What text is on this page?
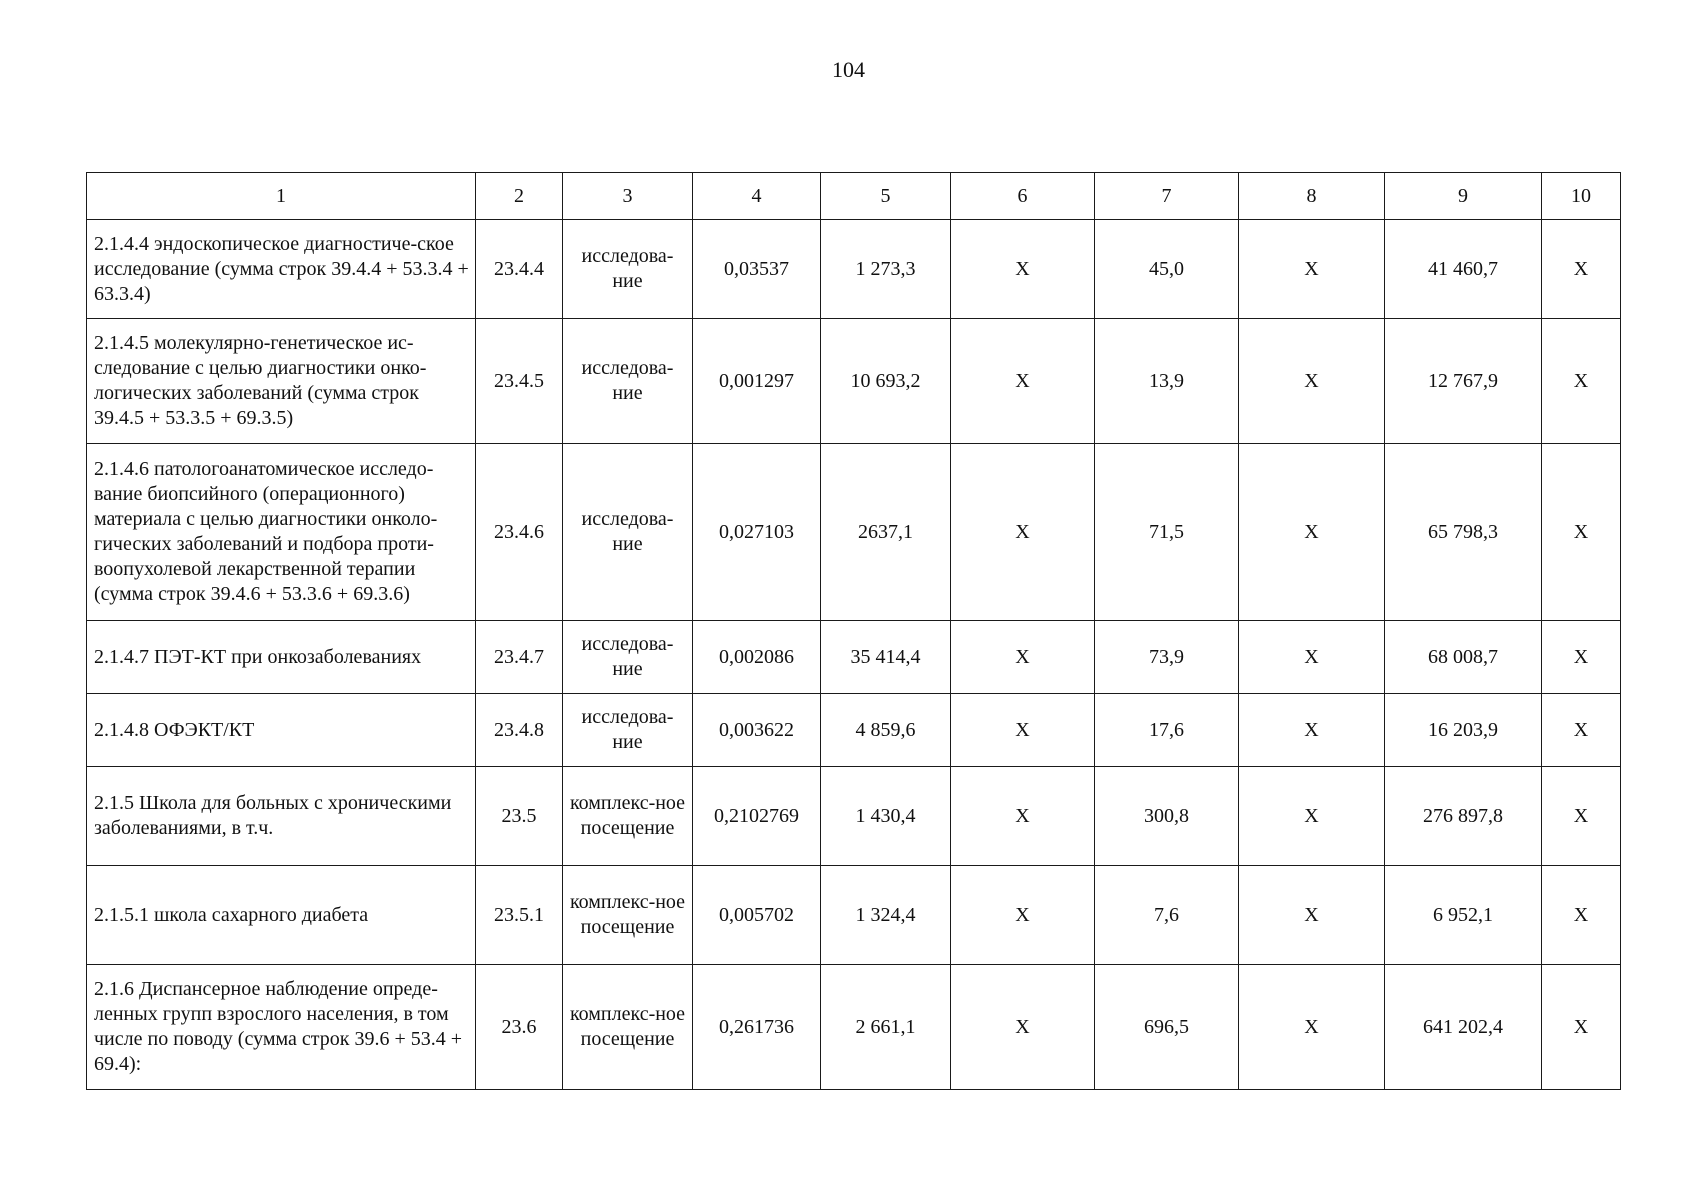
104
1	2	3	4	5	6	7	8	9	10
2.1.4.4 эндоскопическое диагностиче-ское исследование (сумма строк 39.4.4 + 53.3.4 + 63.3.4)	23.4.4	исследова-ние	0,03537	1 273,3	Х	45,0	Х	41 460,7	Х
2.1.4.5 молекулярно-генетическое ис-следование с целью диагностики онко-логических заболеваний (сумма строк 39.4.5 + 53.3.5 + 69.3.5)	23.4.5	исследова-ние	0,001297	10 693,2	Х	13,9	Х	12 767,9	Х
2.1.4.6 патологоанатомическое исследо-вание биопсийного (операционного) материала с целью диагностики онколо-гических заболеваний и подбора проти-воопухолевой лекарственной терапии (сумма строк 39.4.6 + 53.3.6 + 69.3.6)	23.4.6	исследова-ние	0,027103	2637,1	Х	71,5	Х	65 798,3	Х
2.1.4.7 ПЭТ-КТ при онкозаболеваниях	23.4.7	исследова-ние	0,002086	35 414,4	Х	73,9	Х	68 008,7	Х
2.1.4.8 ОФЭКТ/КТ	23.4.8	исследова-ние	0,003622	4 859,6	Х	17,6	Х	16 203,9	Х
2.1.5 Школа для больных с хроническими заболеваниями, в т.ч.	23.5	комплекс-ное посещение	0,2102769	1 430,4	Х	300,8	Х	276 897,8	Х
2.1.5.1 школа сахарного диабета	23.5.1	комплекс-ное посещение	0,005702	1 324,4	Х	7,6	Х	6 952,1	Х
2.1.6 Диспансерное наблюдение опреде-ленных групп взрослого населения, в том числе по поводу (сумма строк 39.6 + 53.4 + 69.4):	23.6	комплекс-ное посещение	0,261736	2 661,1	Х	696,5	Х	641 202,4	Х
